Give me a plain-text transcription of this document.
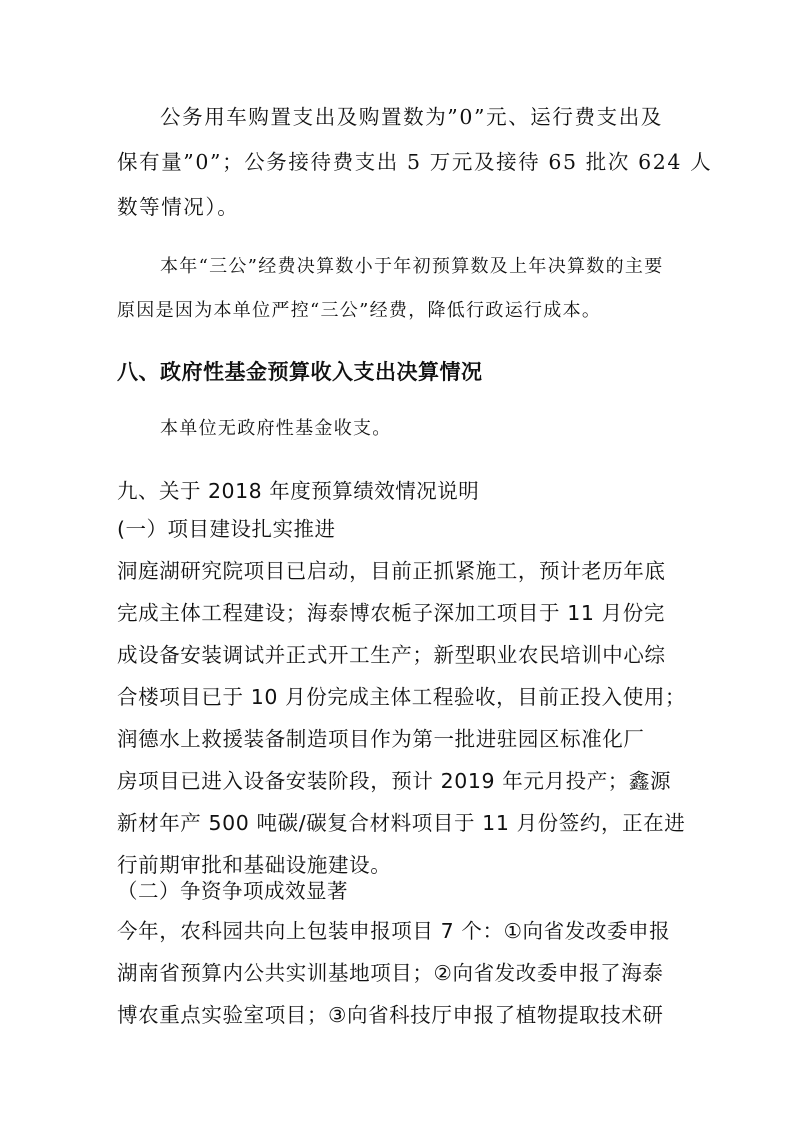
公务用车购置支出及购置数为”0”元、运行费支出及
保有量”0”；公务接待费支出 5 万元及接待 65 批次 624 人
数等情况）。
本年“三公”经费决算数小于年初预算数及上年决算数的主要
原因是因为本单位严控“三公”经费，降低行政运行成本。
八、政府性基金预算收入支出决算情况
本单位无政府性基金收支。
九、关于 2018 年度预算绩效情况说明
(一）项目建设扎实推进
洞庭湖研究院项目已启动，目前正抓紧施工，预计老历年底
完成主体工程建设；海泰博农栀子深加工项目于 11 月份完
成设备安装调试并正式开工生产；新型职业农民培训中心综
合楼项目已于 10 月份完成主体工程验收，目前正投入使用；
润德水上救援装备制造项目作为第一批进驻园区标准化厂
房项目已进入设备安装阶段，预计 2019 年元月投产；鑫源
新材年产 500 吨碳/碳复合材料项目于 11 月份签约，正在进
行前期审批和基础设施建设。
（二）争资争项成效显著
今年，农科园共向上包装申报项目 7 个：①向省发改委申报
湖南省预算内公共实训基地项目；②向省发改委申报了海泰
博农重点实验室项目；③向省科技厅申报了植物提取技术研
